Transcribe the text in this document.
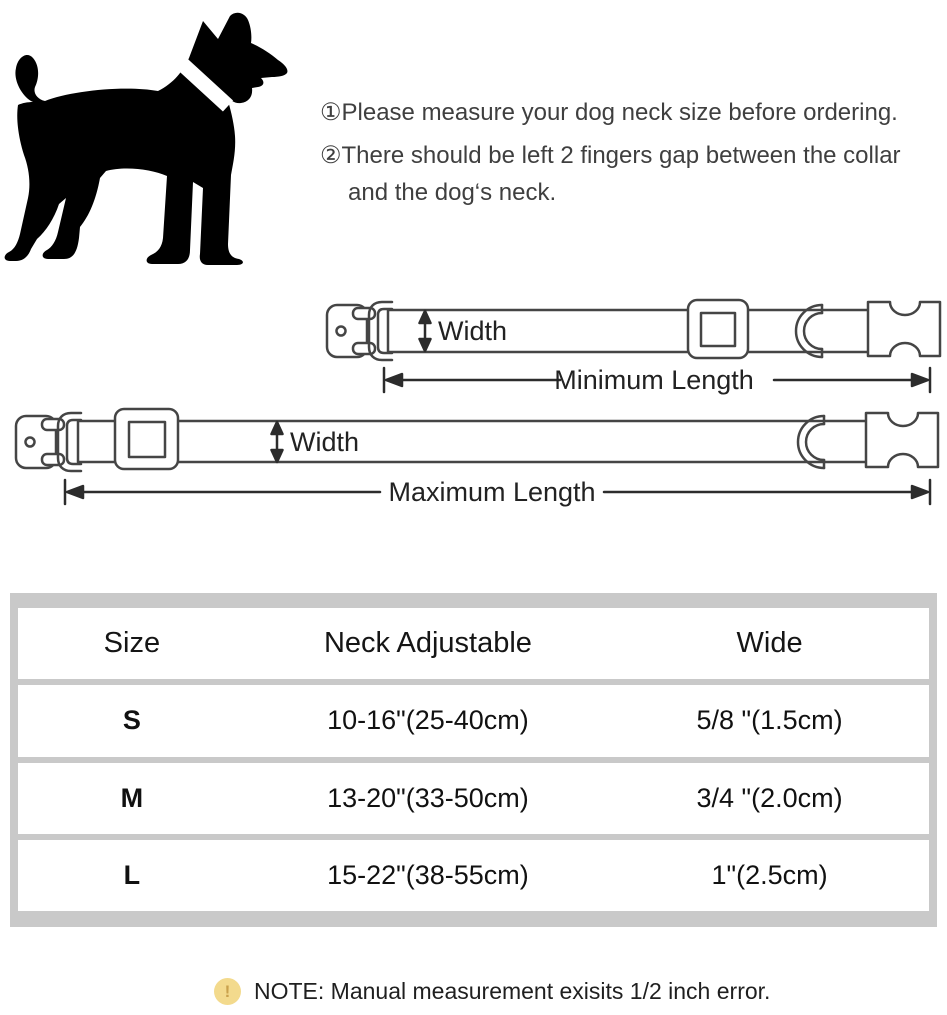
①Please measure your dog neck size before ordering.

②There should be left 2 fingers gap between the collar and the dog‘s neck.

Width
Minimum Length
Width
Maximum Length
Size	Neck Adjustable	Wide
S	10-16"(25-40cm)	5/8 "(1.5cm)
M	13-20"(33-50cm)	3/4 "(2.0cm)
L	15-22"(38-55cm)	1"(2.5cm)
!	NOTE: Manual measurement exisits 1/2 inch error.
